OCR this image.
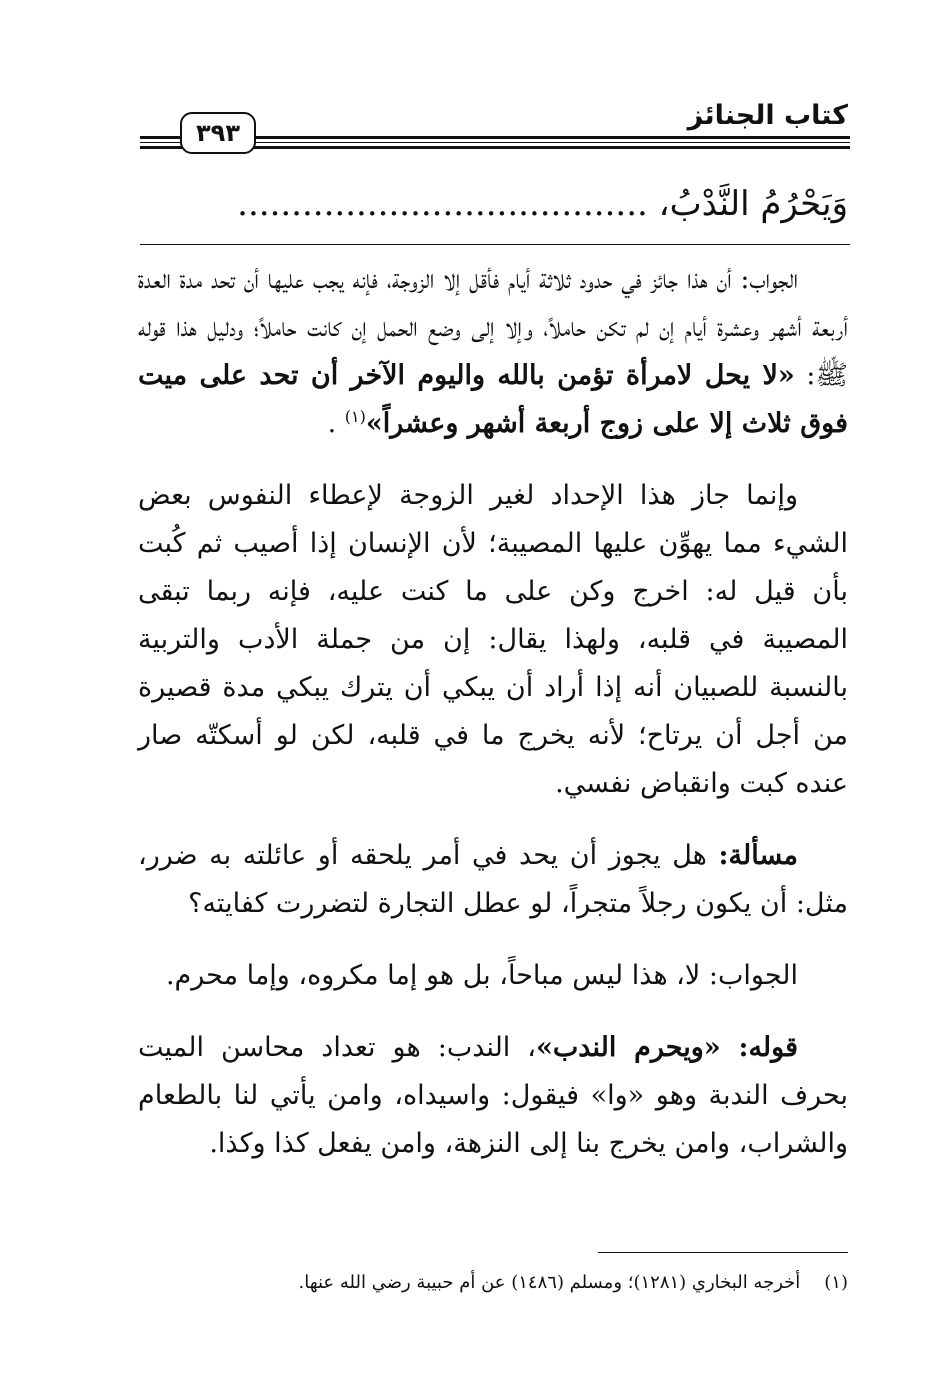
كتاب الجنائز
٣٩٣
وَيَحْرُمُ النَّدْبُ، ......................................

الجواب: أن هذا جائز في حدود ثلاثة أيام فأقل إلا الزوجة، فإنه يجب عليها أن تحد مدة العدة أربعة أشهر وعشرة أيام إن لم تكن حاملاً، وإلا إلى وضع الحمل إن كانت حاملاً؛ ودليل هذا قوله ﷺ: «لا يحل لامرأة تؤمن بالله واليوم الآخر أن تحد على ميت فوق ثلاث إلا على زوج أربعة أشهر وعشراً»$^{(١)}$ .

وإنما جاز هذا الإحداد لغير الزوجة لإعطاء النفوس بعض الشيء مما يهوِّن عليها المصيبة؛ لأن الإنسان إذا أصيب ثم كُبت بأن قيل له: اخرج وكن على ما كنت عليه، فإنه ربما تبقى المصيبة في قلبه، ولهذا يقال: إن من جملة الأدب والتربية بالنسبة للصبيان أنه إذا أراد أن يبكي أن يترك يبكي مدة قصيرة من أجل أن يرتاح؛ لأنه يخرج ما في قلبه، لكن لو أسكتّه صار عنده كبت وانقباض نفسي.

مسألة: هل يجوز أن يحد في أمر يلحقه أو عائلته به ضرر، مثل: أن يكون رجلاً متجراً، لو عطل التجارة لتضررت كفايته؟

الجواب: لا، هذا ليس مباحاً، بل هو إما مكروه، وإما محرم.

قوله: «ويحرم الندب»، الندب: هو تعداد محاسن الميت بحرف الندبة وهو «وا» فيقول: واسيداه، وامن يأتي لنا بالطعام والشراب، وامن يخرج بنا إلى النزهة، وامن يفعل كذا وكذا.

(١)أخرجه البخاري (١٢٨١)؛ ومسلم (١٤٨٦) عن أم حبيبة رضي الله عنها.
